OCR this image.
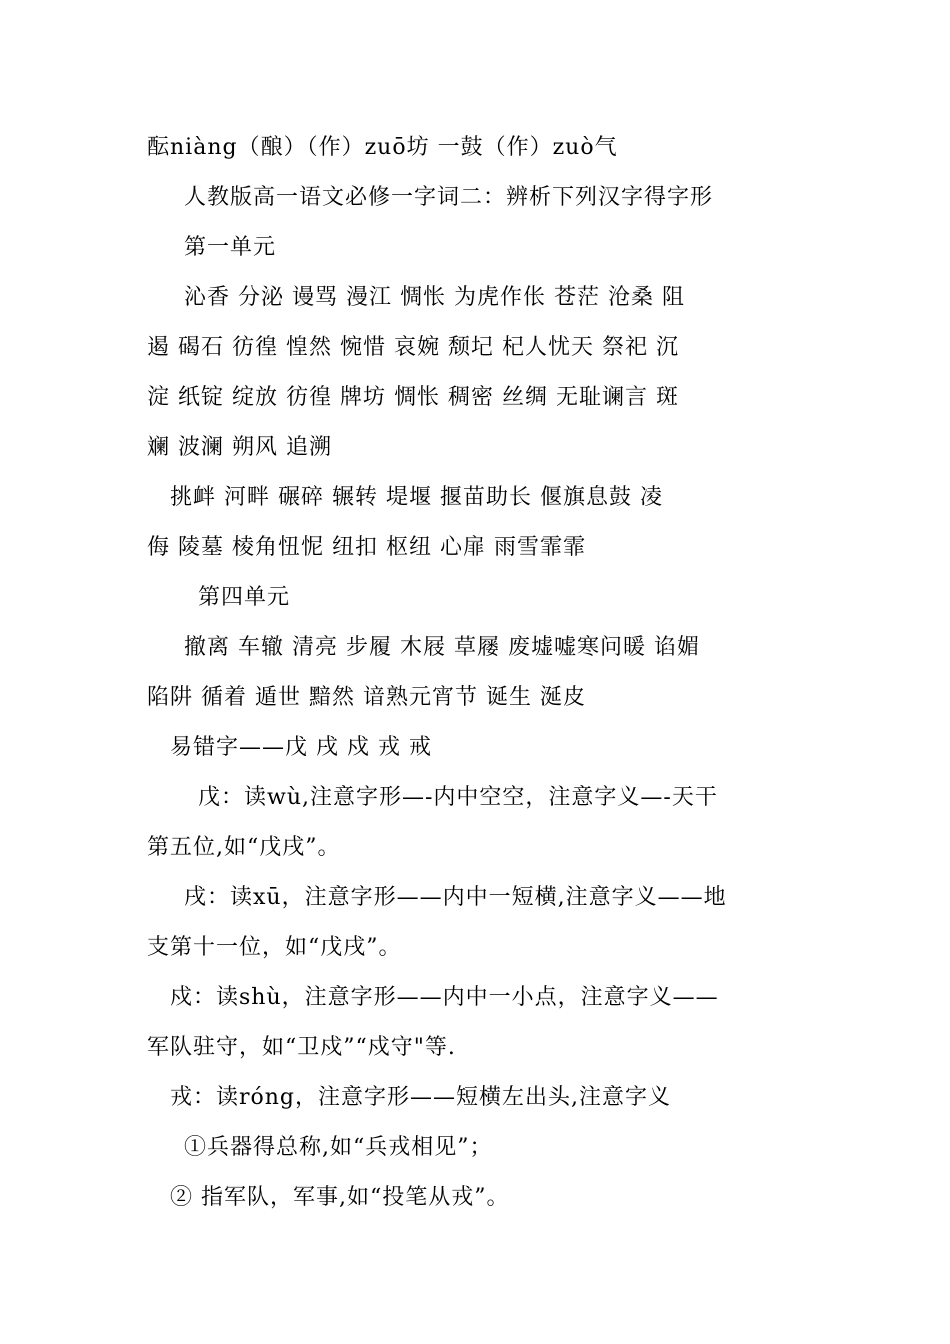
酝niàng（酿）（作）zuō坊 一鼓（作）zuò气
人教版高一语文必修一字词二：辨析下列汉字得字形
第一单元
沁香 分泌 谩骂 漫江 惆怅 为虎作伥 苍茫 沧桑 阻
遏 碣石 彷徨 惶然 惋惜 哀婉 颓圮 杞人忧天 祭祀 沉
淀 纸锭 绽放 彷徨 牌坊 惆怅 稠密 丝绸 无耻谰言 斑
斓 波澜 朔风 追溯
挑衅 河畔 碾碎 辗转 堤堰 揠苗助长 偃旗息鼓 凌
侮 陵墓 棱角忸怩 纽扣 枢纽 心扉 雨雪霏霏
第四单元
撤离 车辙 清亮 步履 木屐 草屦 废墟嘘寒问暖 谄媚
陷阱 循着 遁世 黯然 谙熟元宵节 诞生 涎皮
易错字——戊 戌 戍 戎 戒
戊：读wù,注意字形—-内中空空，注意字义—-天干
第五位,如“戊戌”。
戌：读xū，注意字形——内中一短横,注意字义——地
支第十一位，如“戊戌”。
戍：读shù，注意字形——内中一小点，注意字义——
军队驻守，如“卫戍”“戍守"等.
戎：读róng，注意字形——短横左出头,注意字义
①兵器得总称,如“兵戎相见”；
② 指军队，军事,如“投笔从戎”。
